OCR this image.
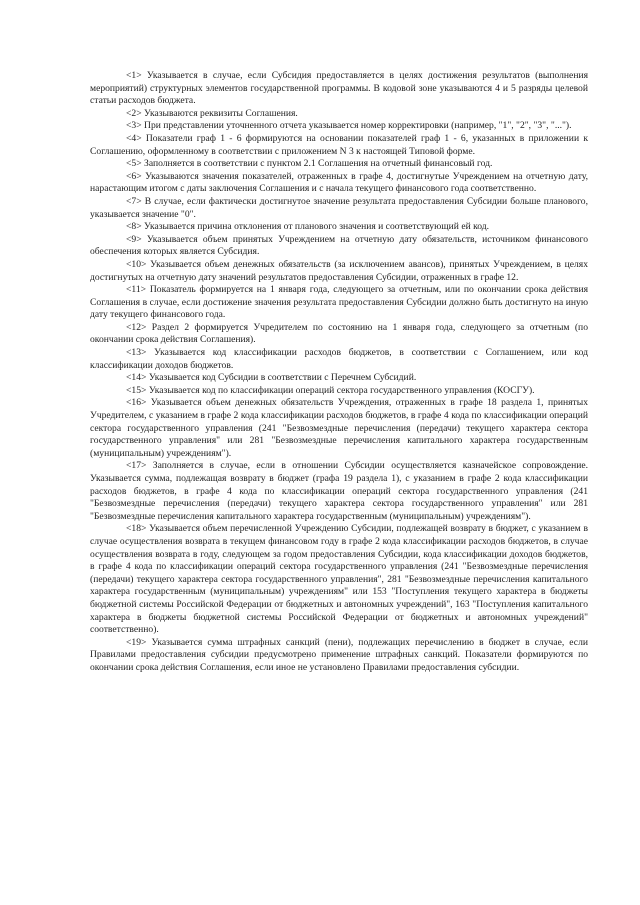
<1> Указывается в случае, если Субсидия предоставляется в целях достижения результатов (выполнения мероприятий) структурных элементов государственной программы. В кодовой зоне указываются 4 и 5 разряды целевой статьи расходов бюджета.

<2> Указываются реквизиты Соглашения.

<3> При представлении уточненного отчета указывается номер корректировки (например, "1", "2", "3", "...").

<4> Показатели граф 1 - 6 формируются на основании показателей граф 1 - 6, указанных в приложении к Соглашению, оформленному в соответствии с приложением N 3 к настоящей Типовой форме.

<5> Заполняется в соответствии с пунктом 2.1 Соглашения на отчетный финансовый год.

<6> Указываются значения показателей, отраженных в графе 4, достигнутые Учреждением на отчетную дату, нарастающим итогом с даты заключения Соглашения и с начала текущего финансового года соответственно.

<7> В случае, если фактически достигнутое значение результата предоставления Субсидии больше планового, указывается значение "0".

<8> Указывается причина отклонения от планового значения и соответствующий ей код.

<9> Указывается объем принятых Учреждением на отчетную дату обязательств, источником финансового обеспечения которых является Субсидия.

<10> Указывается объем денежных обязательств (за исключением авансов), принятых Учреждением, в целях достигнутых на отчетную дату значений результатов предоставления Субсидии, отраженных в графе 12.

<11> Показатель формируется на 1 января года, следующего за отчетным, или по окончании срока действия Соглашения в случае, если достижение значения результата предоставления Субсидии должно быть достигнуто на иную дату текущего финансового года.

<12> Раздел 2 формируется Учредителем по состоянию на 1 января года, следующего за отчетным (по окончании срока действия Соглашения).

<13> Указывается код классификации расходов бюджетов, в соответствии с Соглашением, или код классификации доходов бюджетов.

<14> Указывается код Субсидии в соответствии с Перечнем Субсидий.

<15> Указывается код по классификации операций сектора государственного управления (КОСГУ).

<16> Указывается объем денежных обязательств Учреждения, отраженных в графе 18 раздела 1, принятых Учредителем, с указанием в графе 2 кода классификации расходов бюджетов, в графе 4 кода по классификации операций сектора государственного управления (241 "Безвозмездные перечисления (передачи) текущего характера сектора государственного управления" или 281 "Безвозмездные перечисления капитального характера государственным (муниципальным) учреждениям").

<17> Заполняется в случае, если в отношении Субсидии осуществляется казначейское сопровождение. Указывается сумма, подлежащая возврату в бюджет (графа 19 раздела 1), с указанием в графе 2 кода классификации расходов бюджетов, в графе 4 кода по классификации операций сектора государственного управления (241 "Безвозмездные перечисления (передачи) текущего характера сектора государственного управления" или 281 "Безвозмездные перечисления капитального характера государственным (муниципальным) учреждениям").

<18> Указывается объем перечисленной Учреждению Субсидии, подлежащей возврату в бюджет, с указанием в случае осуществления возврата в текущем финансовом году в графе 2 кода классификации расходов бюджетов, в случае осуществления возврата в году, следующем за годом предоставления Субсидии, кода классификации доходов бюджетов, в графе 4 кода по классификации операций сектора государственного управления (241 "Безвозмездные перечисления (передачи) текущего характера сектора государственного управления", 281 "Безвозмездные перечисления капитального характера государственным (муниципальным) учреждениям" или 153 "Поступления текущего характера в бюджеты бюджетной системы Российской Федерации от бюджетных и автономных учреждений", 163 "Поступления капитального характера в бюджеты бюджетной системы Российской Федерации от бюджетных и автономных учреждений" соответственно).

<19> Указывается сумма штрафных санкций (пени), подлежащих перечислению в бюджет в случае, если Правилами предоставления субсидии предусмотрено применение штрафных санкций. Показатели формируются по окончании срока действия Соглашения, если иное не установлено Правилами предоставления субсидии.
